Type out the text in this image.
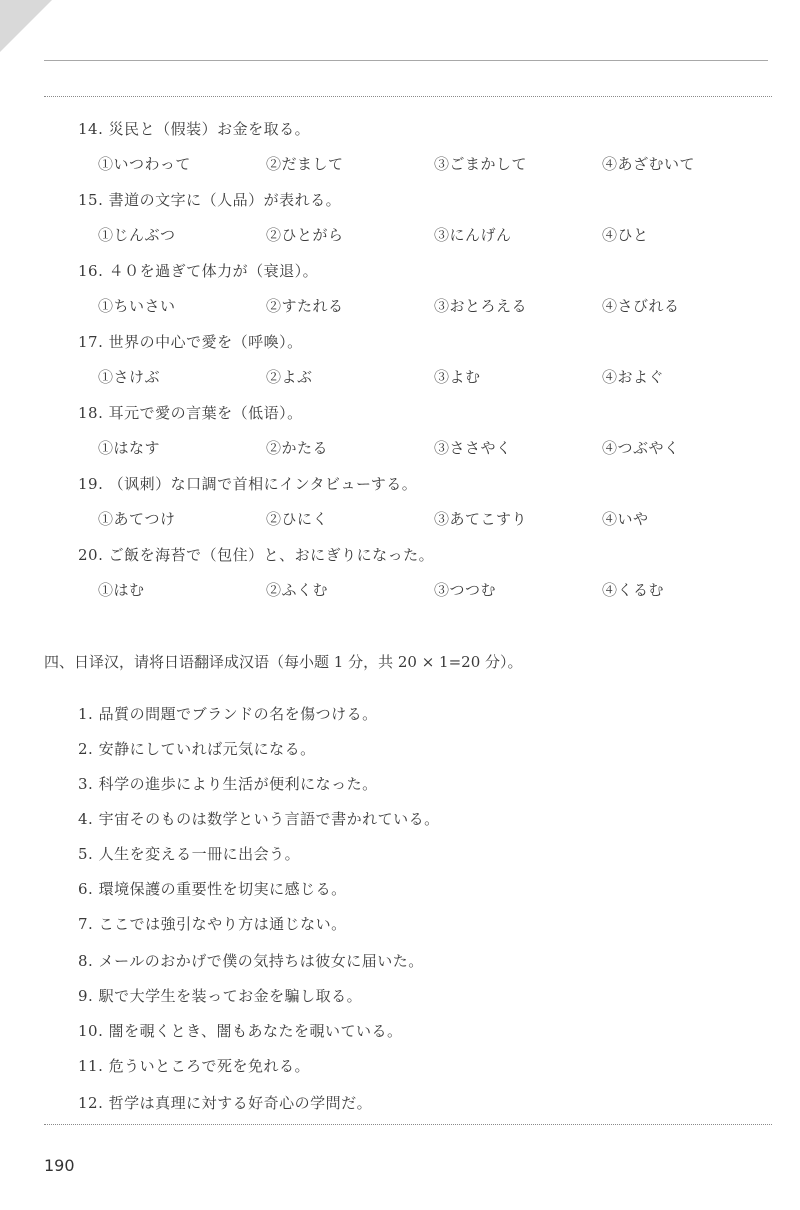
14. 災民と（假装）お金を取る。
①いつわって	②だまして	③ごまかして	④あざむいて
15. 書道の文字に（人品）が表れる。
①じんぶつ	②ひとがら	③にんげん	④ひと
16. ４０を過ぎて体力が（衰退）。
①ちいさい	②すたれる	③おとろえる	④さびれる
17. 世界の中心で愛を（呼喚）。
①さけぶ	②よぶ	③よむ	④およぐ
18. 耳元で愛の言葉を（低语）。
①はなす	②かたる	③ささやく	④つぶやく
19. （讽刺）な口調で首相にインタビューする。
①あてつけ	②ひにく	③あてこすり	④いや
20. ご飯を海苔で（包住）と、おにぎりになった。
①はむ	②ふくむ	③つつむ	④くるむ
四、日译汉，请将日语翻译成汉语（每小题 1 分，共 20 × 1=20 分）。
1. 品質の問題でブランドの名を傷つける。
2. 安静にしていれば元気になる。
3. 科学の進歩により生活が便利になった。
4. 宇宙そのものは数学という言語で書かれている。
5. 人生を変える一冊に出会う。
6. 環境保護の重要性を切実に感じる。
7. ここでは強引なやり方は通じない。
8. メールのおかげで僕の気持ちは彼女に届いた。
9. 駅で大学生を装ってお金を騙し取る。
10. 闇を覗くとき、闇もあなたを覗いている。
11. 危ういところで死を免れる。
12. 哲学は真理に対する好奇心の学問だ。
190
